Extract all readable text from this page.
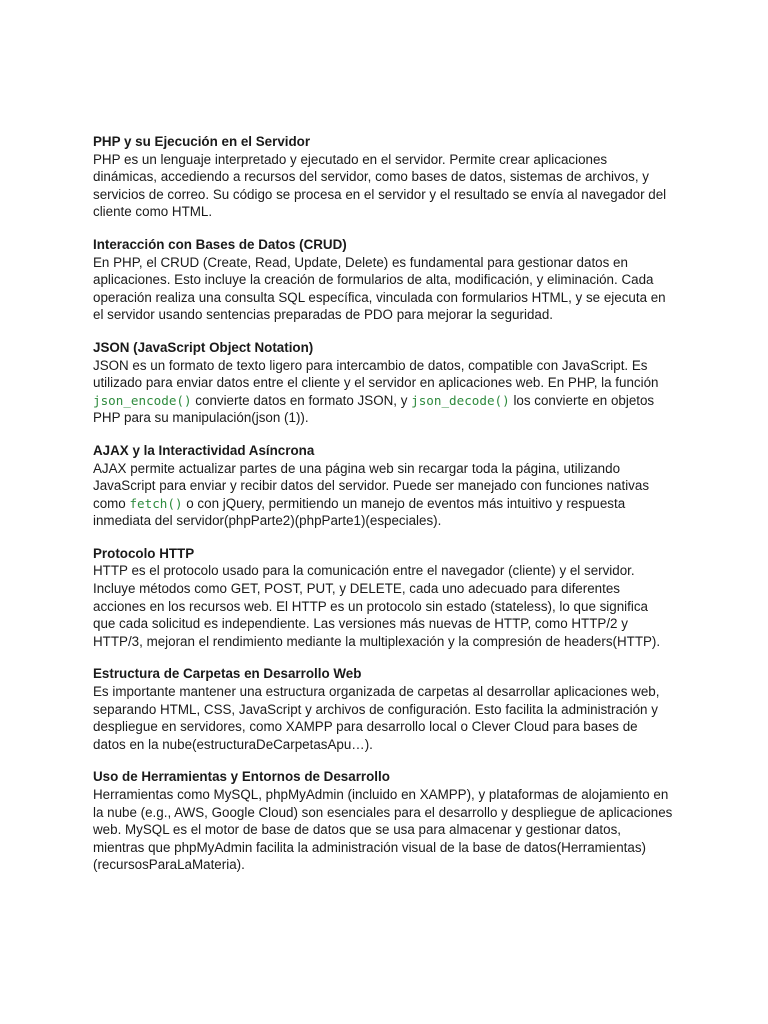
PHP y su Ejecución en el Servidor

PHP es un lenguaje interpretado y ejecutado en el servidor. Permite crear aplicaciones dinámicas, accediendo a recursos del servidor, como bases de datos, sistemas de archivos, y servicios de correo. Su código se procesa en el servidor y el resultado se envía al navegador del cliente como HTML.

Interacción con Bases de Datos (CRUD)

En PHP, el CRUD (Create, Read, Update, Delete) es fundamental para gestionar datos en aplicaciones. Esto incluye la creación de formularios de alta, modificación, y eliminación. Cada operación realiza una consulta SQL específica, vinculada con formularios HTML, y se ejecuta en el servidor usando sentencias preparadas de PDO para mejorar la seguridad.

JSON (JavaScript Object Notation)

JSON es un formato de texto ligero para intercambio de datos, compatible con JavaScript. Es utilizado para enviar datos entre el cliente y el servidor en aplicaciones web. En PHP, la función json_encode() convierte datos en formato JSON, y json_decode() los convierte en objetos PHP para su manipulación(json (1)).

AJAX y la Interactividad Asíncrona

AJAX permite actualizar partes de una página web sin recargar toda la página, utilizando JavaScript para enviar y recibir datos del servidor. Puede ser manejado con funciones nativas como fetch() o con jQuery, permitiendo un manejo de eventos más intuitivo y respuesta inmediata del servidor(phpParte2)(phpParte1)(especiales).

Protocolo HTTP

HTTP es el protocolo usado para la comunicación entre el navegador (cliente) y el servidor. Incluye métodos como GET, POST, PUT, y DELETE, cada uno adecuado para diferentes acciones en los recursos web. El HTTP es un protocolo sin estado (stateless), lo que significa que cada solicitud es independiente. Las versiones más nuevas de HTTP, como HTTP/2 y HTTP/3, mejoran el rendimiento mediante la multiplexación y la compresión de headers(HTTP).

Estructura de Carpetas en Desarrollo Web

Es importante mantener una estructura organizada de carpetas al desarrollar aplicaciones web, separando HTML, CSS, JavaScript y archivos de configuración. Esto facilita la administración y despliegue en servidores, como XAMPP para desarrollo local o Clever Cloud para bases de datos en la nube(estructuraDeCarpetasApu…).

Uso de Herramientas y Entornos de Desarrollo

Herramientas como MySQL, phpMyAdmin (incluido en XAMPP), y plataformas de alojamiento en la nube (e.g., AWS, Google Cloud) son esenciales para el desarrollo y despliegue de aplicaciones web. MySQL es el motor de base de datos que se usa para almacenar y gestionar datos, mientras que phpMyAdmin facilita la administración visual de la base de datos(Herramientas)(recursosParaLaMateria).
